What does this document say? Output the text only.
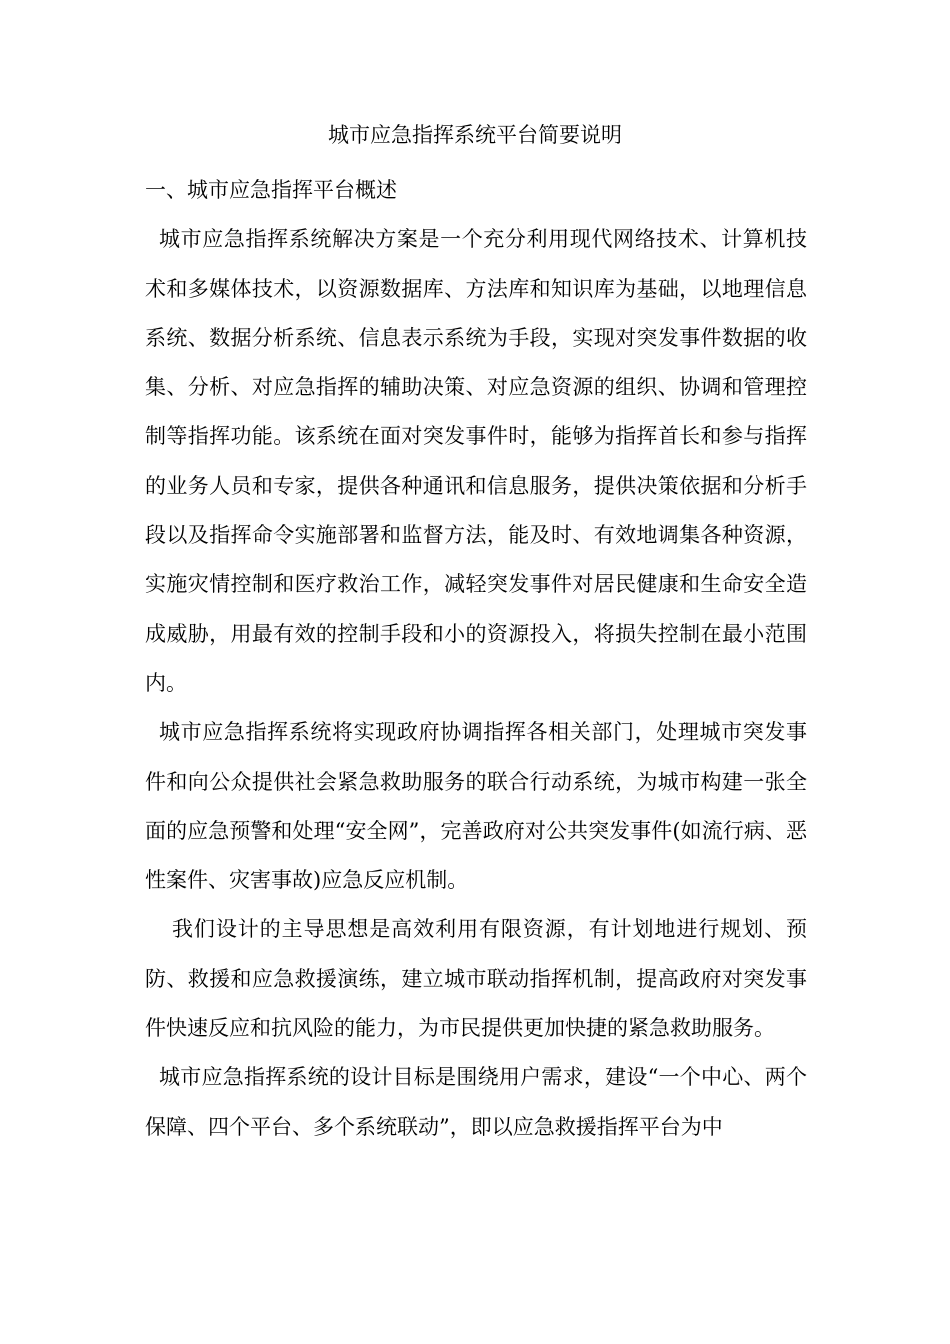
城市应急指挥系统平台简要说明
一、城市应急指挥平台概述

城市应急指挥系统解决方案是一个充分利用现代网络技术、计算机技术和多媒体技术，以资源数据库、方法库和知识库为基础，以地理信息系统、数据分析系统、信息表示系统为手段，实现对突发事件数据的收集、分析、对应急指挥的辅助决策、对应急资源的组织、协调和管理控制等指挥功能。该系统在面对突发事件时，能够为指挥首长和参与指挥的业务人员和专家，提供各种通讯和信息服务，提供决策依据和分析手段以及指挥命令实施部署和监督方法，能及时、有效地调集各种资源，实施灾情控制和医疗救治工作，减轻突发事件对居民健康和生命安全造成威胁，用最有效的控制手段和小的资源投入，将损失控制在最小范围内。

城市应急指挥系统将实现政府协调指挥各相关部门，处理城市突发事件和向公众提供社会紧急救助服务的联合行动系统，为城市构建一张全面的应急预警和处理“安全网”，完善政府对公共突发事件(如流行病、恶性案件、灾害事故)应急反应机制。

我们设计的主导思想是高效利用有限资源，有计划地进行规划、预防、救援和应急救援演练，建立城市联动指挥机制，提高政府对突发事件快速反应和抗风险的能力，为市民提供更加快捷的紧急救助服务。

城市应急指挥系统的设计目标是围绕用户需求，建设“一个中心、两个保障、四个平台、多个系统联动”，即以应急救援指挥平台为中
